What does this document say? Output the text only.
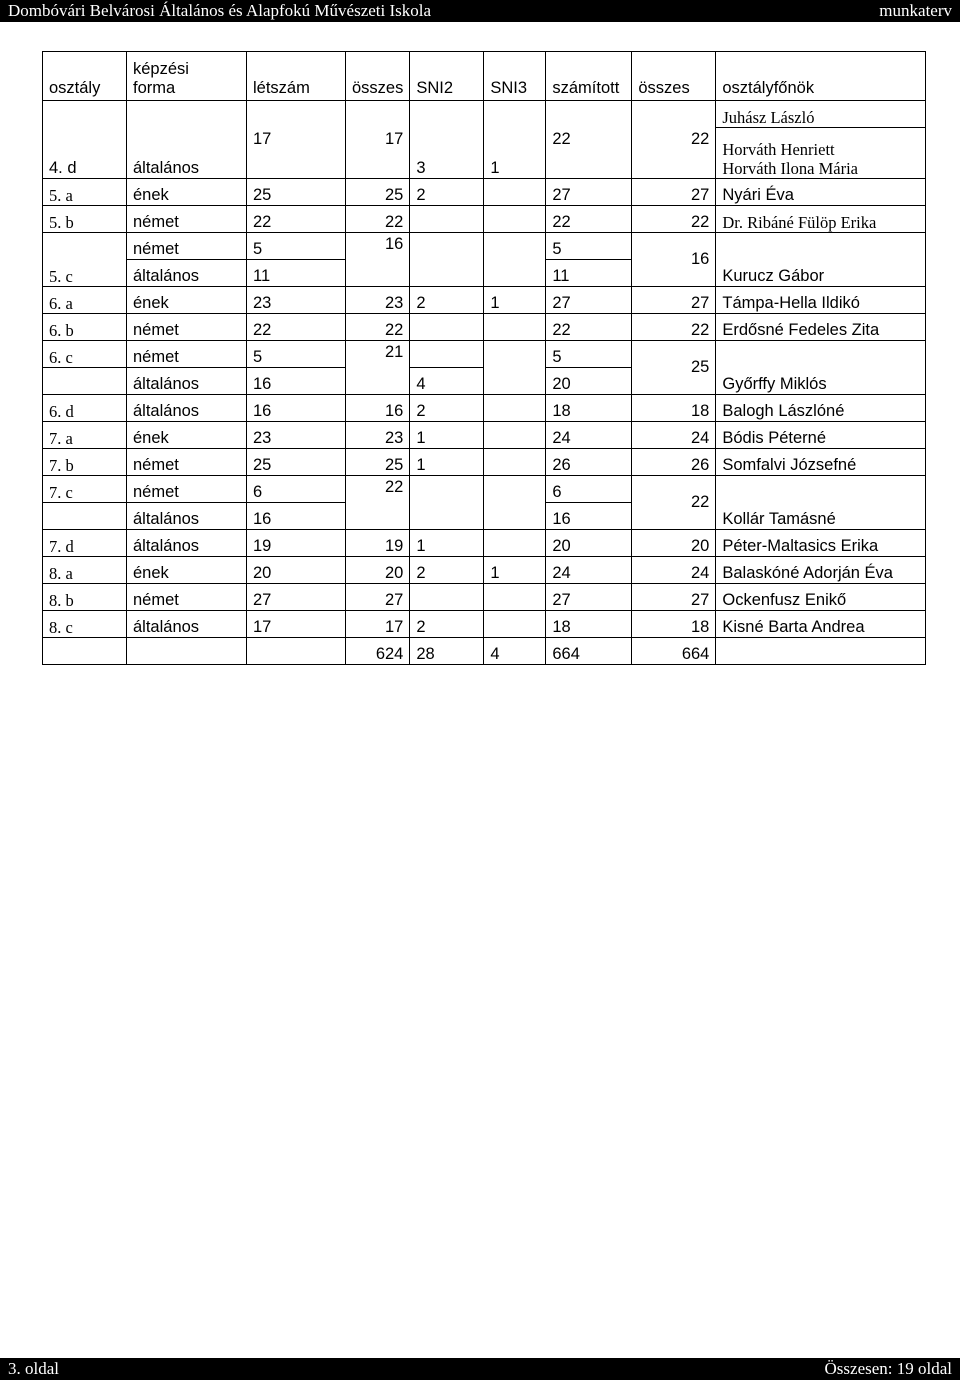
Dombóvári Belvárosi Általános és Alapfokú Művészeti Iskola	munkaterv
osztály	képzési
forma	létszám	összes	SNI2	SNI3	számított	összes	osztályfőnök
4. d	általános	17	17	3	1	22	22	Juhász László
								Horváth Henriett
Horváth Ilona Mária
5. a	ének	25	25	2		27	27	Nyári Éva
5. b	német	22	22			22	22	Dr. Ribáné Fülöp Erika
5. c	német	5	16			5	16	Kurucz Gábor
	általános	11				11		
6. a	ének	23	23	2	1	27	27	Támpa-Hella Ildikó
6. b	német	22	22			22	22	Erdősné Fedeles Zita
6. c	német	5	21			5	25	Győrffy Miklós
	általános	16		4		20		
6. d	általános	16	16	2		18	18	Balogh Lászlóné
7. a	ének	23	23	1		24	24	Bódis Péterné
7. b	német	25	25	1		26	26	Somfalvi Józsefné
7. c	német	6	22			6	22	Kollár Tamásné
	általános	16				16		
7. d	általános	19	19	1		20	20	Péter-Maltasics Erika
8. a	ének	20	20	2	1	24	24	Balaskóné Adorján Éva
8. b	német	27	27			27	27	Ockenfusz Enikő
8. c	általános	17	17	2		18	18	Kisné Barta Andrea
			624	28	4	664	664	
3. oldal	Összesen: 19 oldal
